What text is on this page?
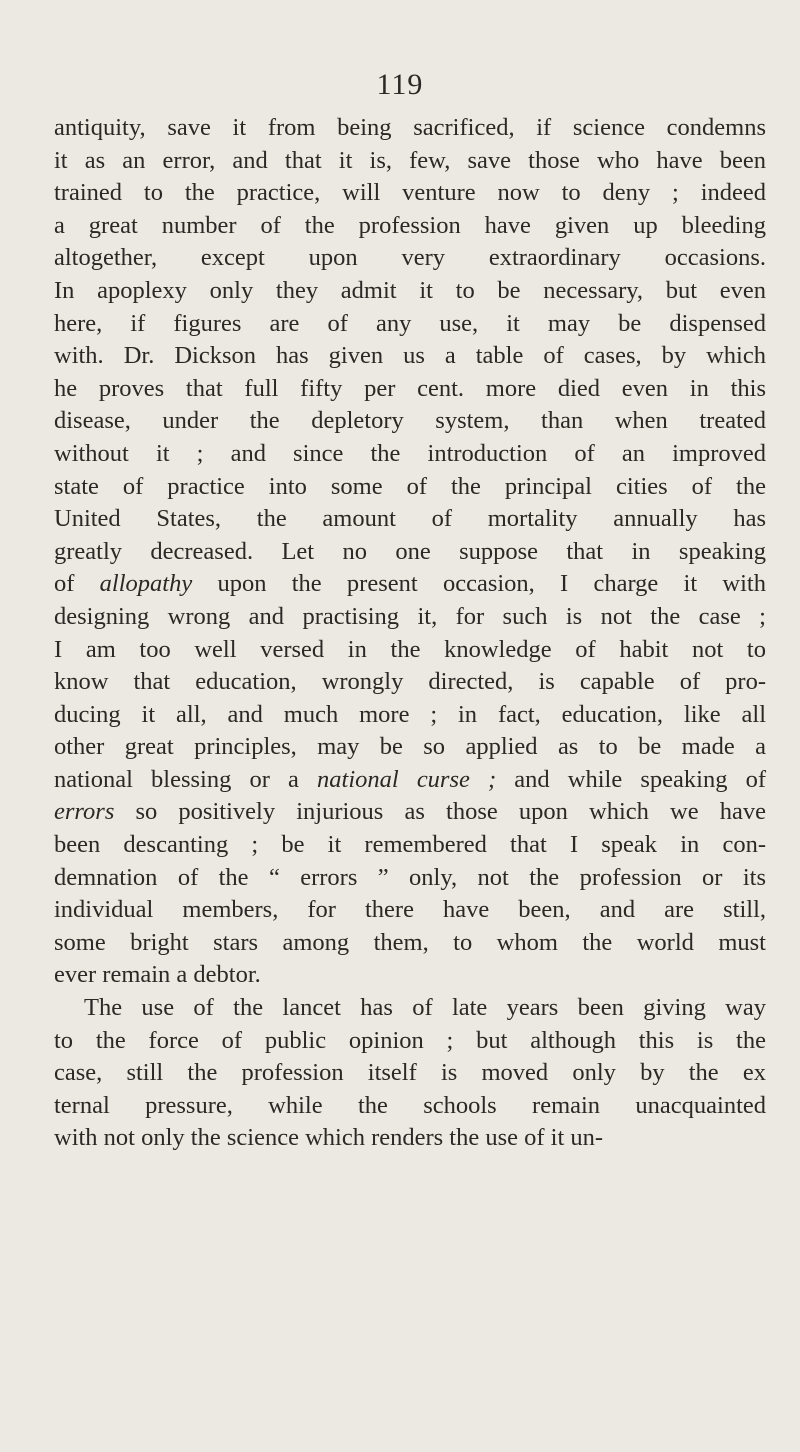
119
antiquity, save it from being sacrificed, if science condemns
it as an error, and that it is, few, save those who have been
trained to the practice, will venture now to deny ; indeed
a great number of the profession have given up bleeding
altogether, except upon very extraordinary occasions.
In apoplexy only they admit it to be necessary, but even
here, if figures are of any use, it may be dispensed
with. Dr. Dickson has given us a table of cases, by which
he proves that full fifty per cent. more died even in this
disease, under the depletory system, than when treated
without it ; and since the introduction of an improved
state of practice into some of the principal cities of the
United States, the amount of mortality annually has
greatly decreased. Let no one suppose that in speaking
of allopathy upon the present occasion, I charge it with
designing wrong and practising it, for such is not the case ;
I am too well versed in the knowledge of habit not to
know that education, wrongly directed, is capable of pro-
ducing it all, and much more ; in fact, education, like all
other great principles, may be so applied as to be made a
national blessing or a national curse ; and while speaking of
errors so positively injurious as those upon which we have
been descanting ; be it remembered that I speak in con-
demnation of the “ errors ” only, not the profession or its
individual members, for there have been, and are still,
some bright stars among them, to whom the world must
ever remain a debtor.
The use of the lancet has of late years been giving way
to the force of public opinion ; but although this is the
case, still the profession itself is moved only by the ex
ternal pressure, while the schools remain unacquainted
with not only the science which renders the use of it un-
